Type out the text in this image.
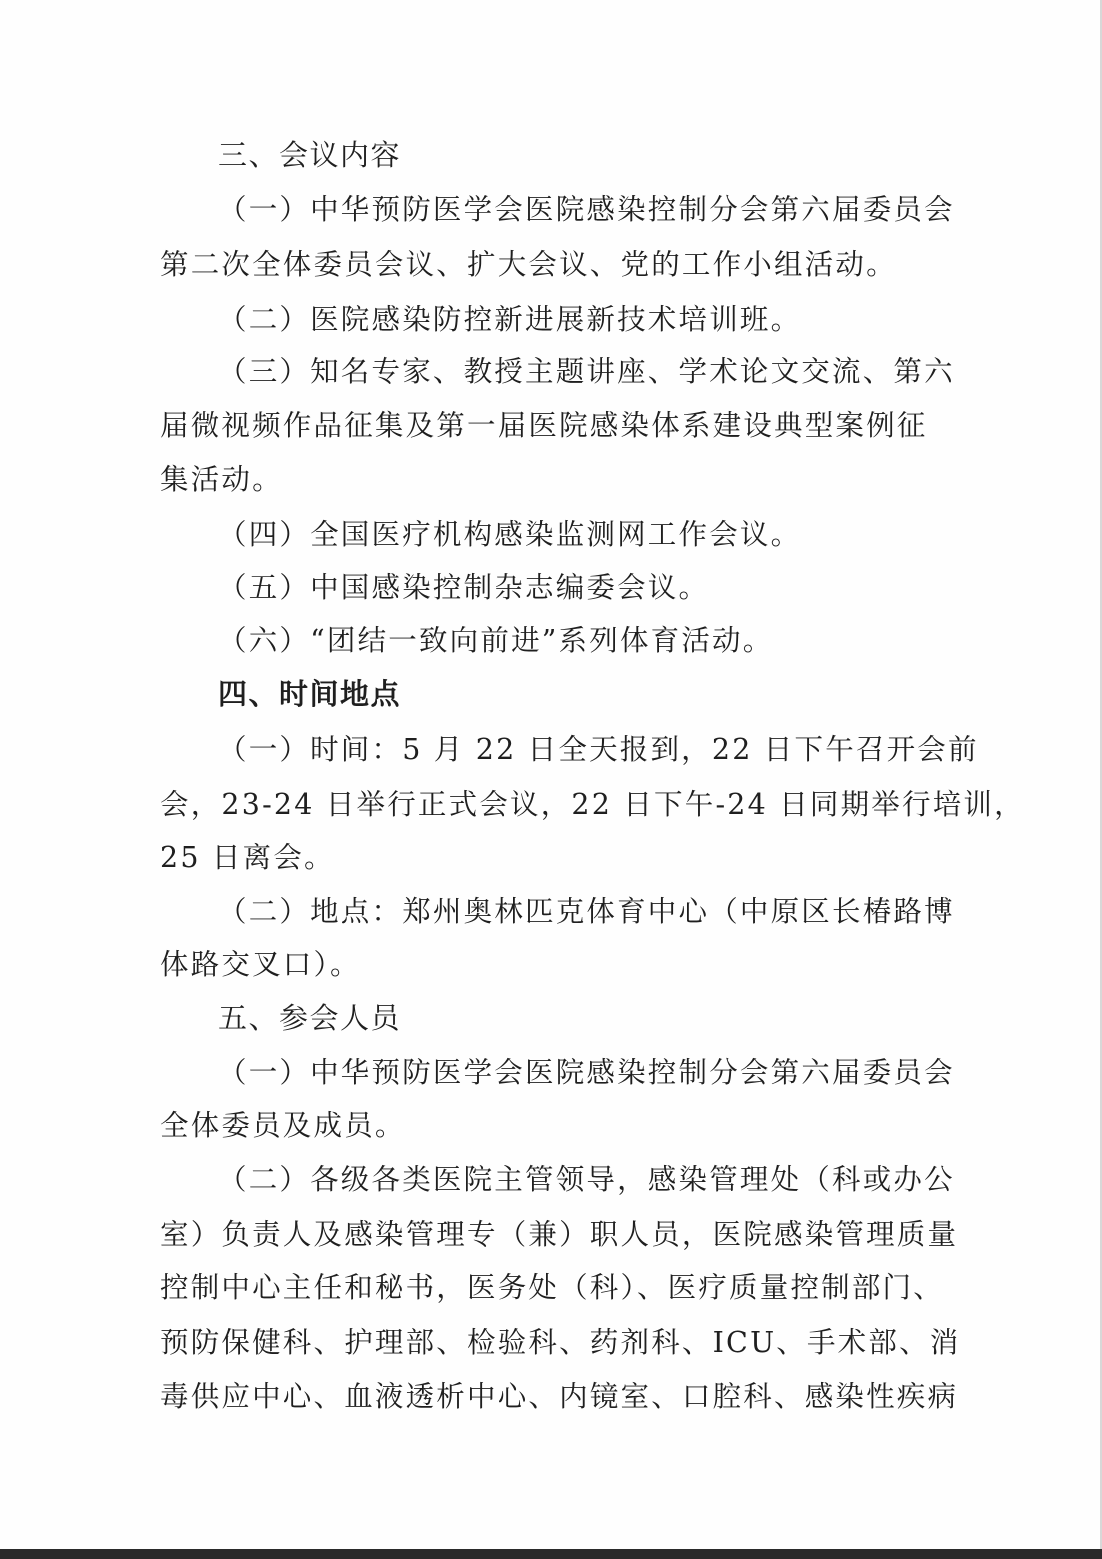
三、会议内容
（一）中华预防医学会医院感染控制分会第六届委员会
第二次全体委员会议、扩大会议、党的工作小组活动。
（二）医院感染防控新进展新技术培训班。
（三）知名专家、教授主题讲座、学术论文交流、第六
届微视频作品征集及第一届医院感染体系建设典型案例征
集活动。
（四）全国医疗机构感染监测网工作会议。
（五）中国感染控制杂志编委会议。
（六）“团结一致向前进”系列体育活动。
四、时间地点
（一）时间：5 月 22 日全天报到，22 日下午召开会前
会，23-24 日举行正式会议，22 日下午-24 日同期举行培训，
25 日离会。
（二）地点：郑州奥林匹克体育中心（中原区长椿路博
体路交叉口）。
五、参会人员
（一）中华预防医学会医院感染控制分会第六届委员会
全体委员及成员。
（二）各级各类医院主管领导，感染管理处（科或办公
室）负责人及感染管理专（兼）职人员，医院感染管理质量
控制中心主任和秘书，医务处（科）、医疗质量控制部门、
预防保健科、护理部、检验科、药剂科、ICU、手术部、消
毒供应中心、血液透析中心、内镜室、口腔科、感染性疾病
